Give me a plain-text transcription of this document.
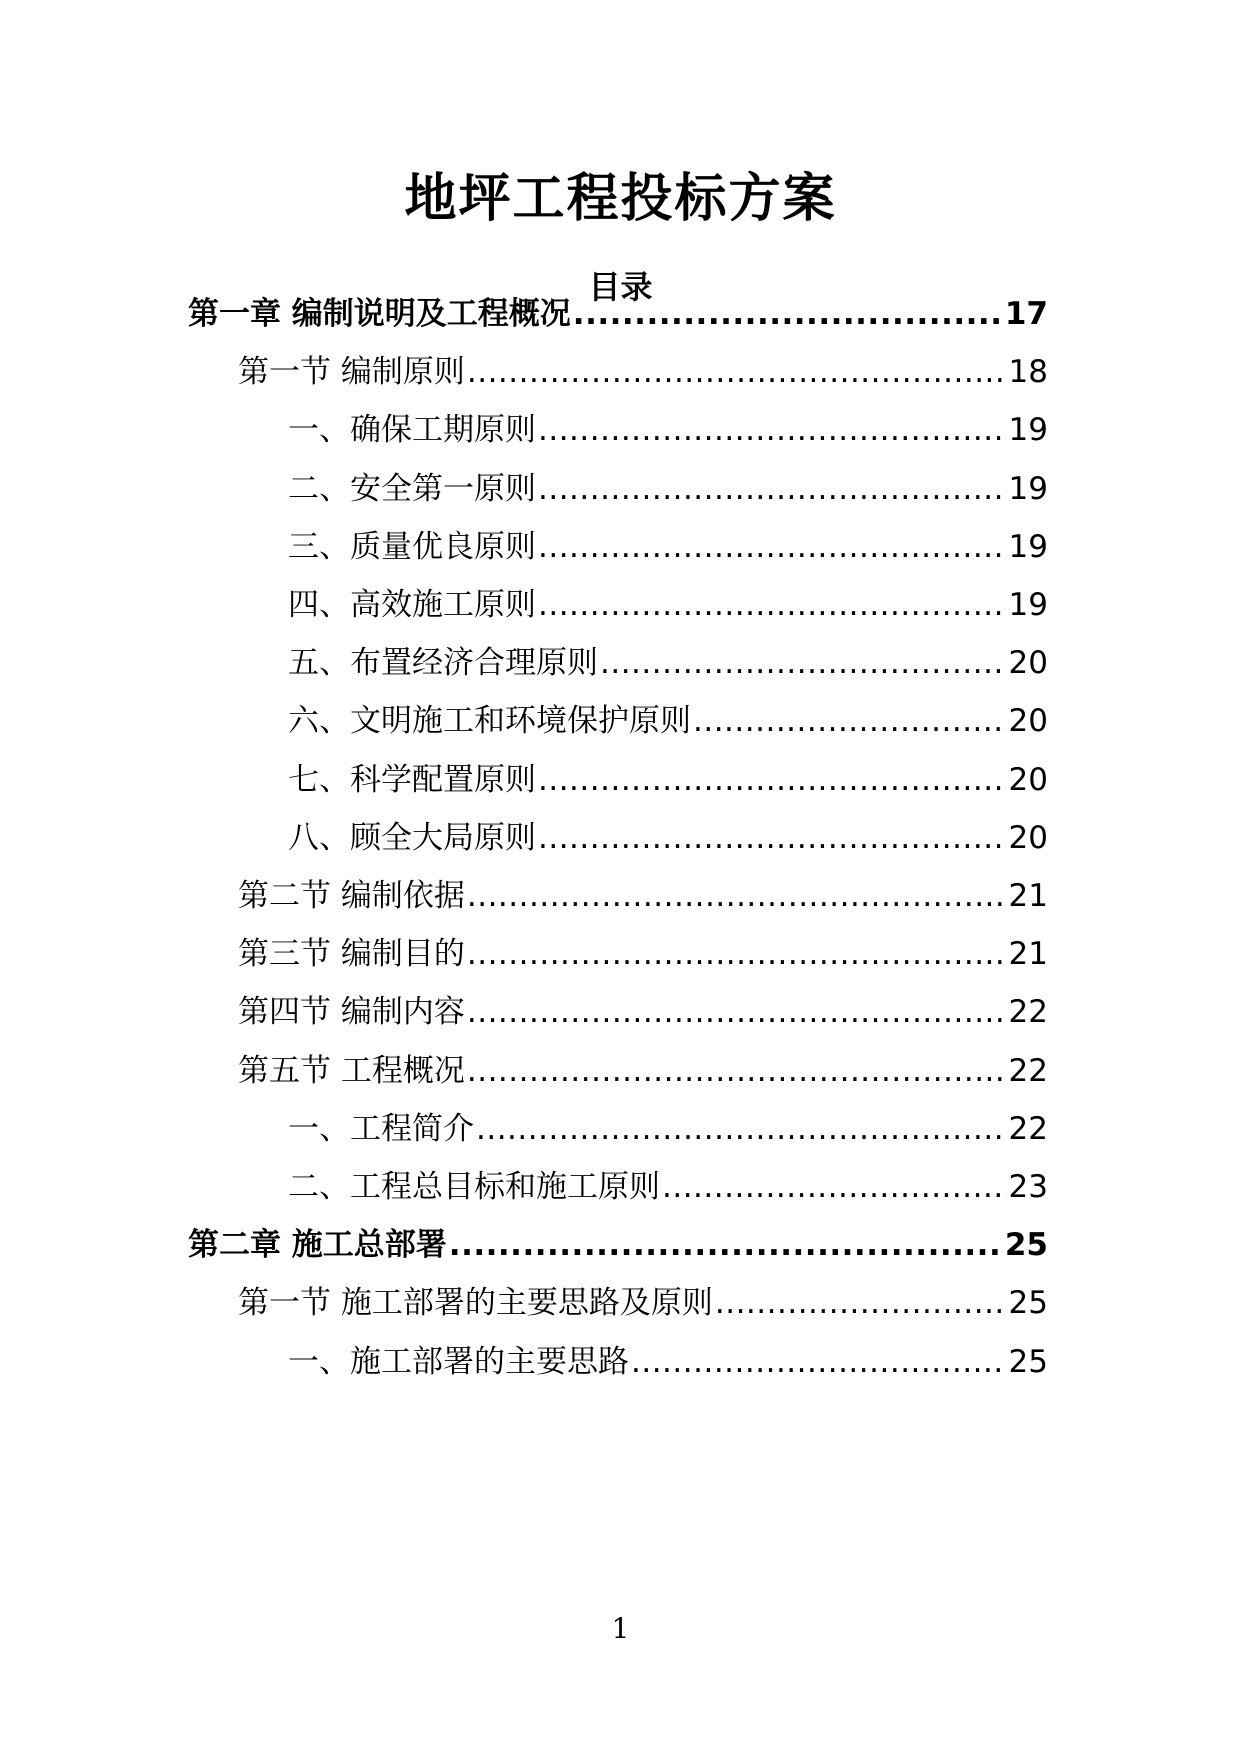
地坪工程投标方案
目录
第一章 编制说明及工程概况 .....	17
第一节 编制原则 .....	18
一、确保工期原则 .....	19
二、安全第一原则 .....	19
三、质量优良原则 .....	19
四、高效施工原则 .....	19
五、布置经济合理原则 .....	20
六、文明施工和环境保护原则 .....	20
七、科学配置原则 .....	20
八、顾全大局原则 .....	20
第二节 编制依据 .....	21
第三节 编制目的 .....	21
第四节 编制内容 .....	22
第五节 工程概况 .....	22
一、工程简介 .....	22
二、工程总目标和施工原则 .....	23
第二章 施工总部署 .....	25
第一节 施工部署的主要思路及原则 .....	25
一、施工部署的主要思路 .....	25
1
